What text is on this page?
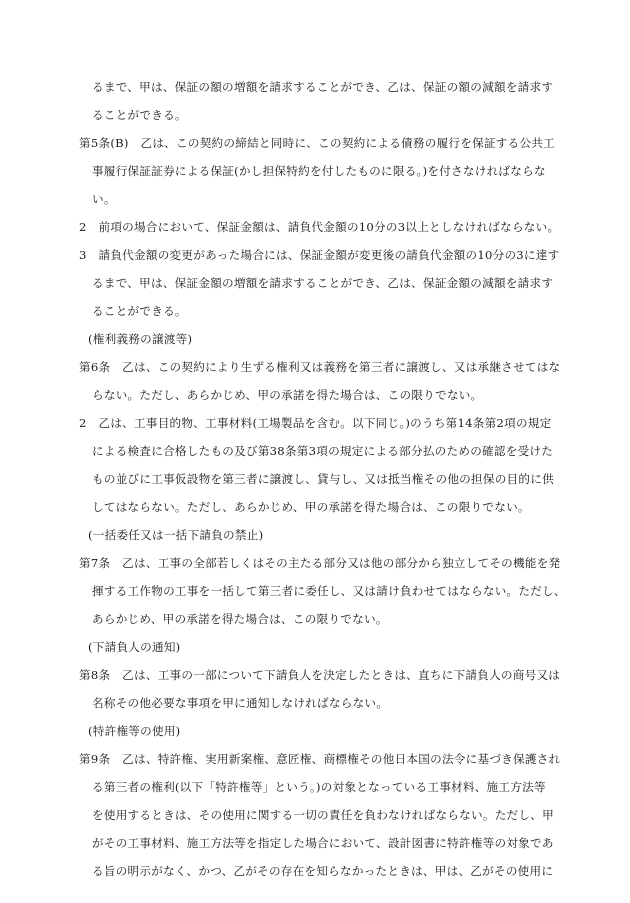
るまで、甲は、保証の額の増額を請求することができ、乙は、保証の額の減額を請求す
ることができる。
第5条(B)　乙は、この契約の締結と同時に、この契約による債務の履行を保証する公共工
事履行保証証券による保証(かし担保特約を付したものに限る。)を付さなければならな
い。
2　前項の場合において、保証金額は、請負代金額の10分の3以上としなければならない。
3　請負代金額の変更があった場合には、保証金額が変更後の請負代金額の10分の3に達す
るまで、甲は、保証金額の増額を請求することができ、乙は、保証金額の減額を請求す
ることができる。
(権利義務の譲渡等)
第6条　乙は、この契約により生ずる権利又は義務を第三者に譲渡し、又は承継させてはな
らない。ただし、あらかじめ、甲の承諾を得た場合は、この限りでない。
2　乙は、工事目的物、工事材料(工場製品を含む。以下同じ。)のうち第14条第2項の規定
による検査に合格したもの及び第38条第3項の規定による部分払のための確認を受けた
もの並びに工事仮設物を第三者に譲渡し、貸与し、又は抵当権その他の担保の目的に供
してはならない。ただし、あらかじめ、甲の承諾を得た場合は、この限りでない。
(一括委任又は一括下請負の禁止)
第7条　乙は、工事の全部若しくはその主たる部分又は他の部分から独立してその機能を発
揮する工作物の工事を一括して第三者に委任し、又は請け負わせてはならない。ただし、
あらかじめ、甲の承諾を得た場合は、この限りでない。
(下請負人の通知)
第8条　乙は、工事の一部について下請負人を決定したときは、直ちに下請負人の商号又は
名称その他必要な事項を甲に通知しなければならない。
(特許権等の使用)
第9条　乙は、特許権、実用新案権、意匠権、商標権その他日本国の法令に基づき保護され
る第三者の権利(以下「特許権等」という。)の対象となっている工事材料、施工方法等
を使用するときは、その使用に関する一切の責任を負わなければならない。ただし、甲
がその工事材料、施工方法等を指定した場合において、設計図書に特許権等の対象であ
る旨の明示がなく、かつ、乙がその存在を知らなかったときは、甲は、乙がその使用に
